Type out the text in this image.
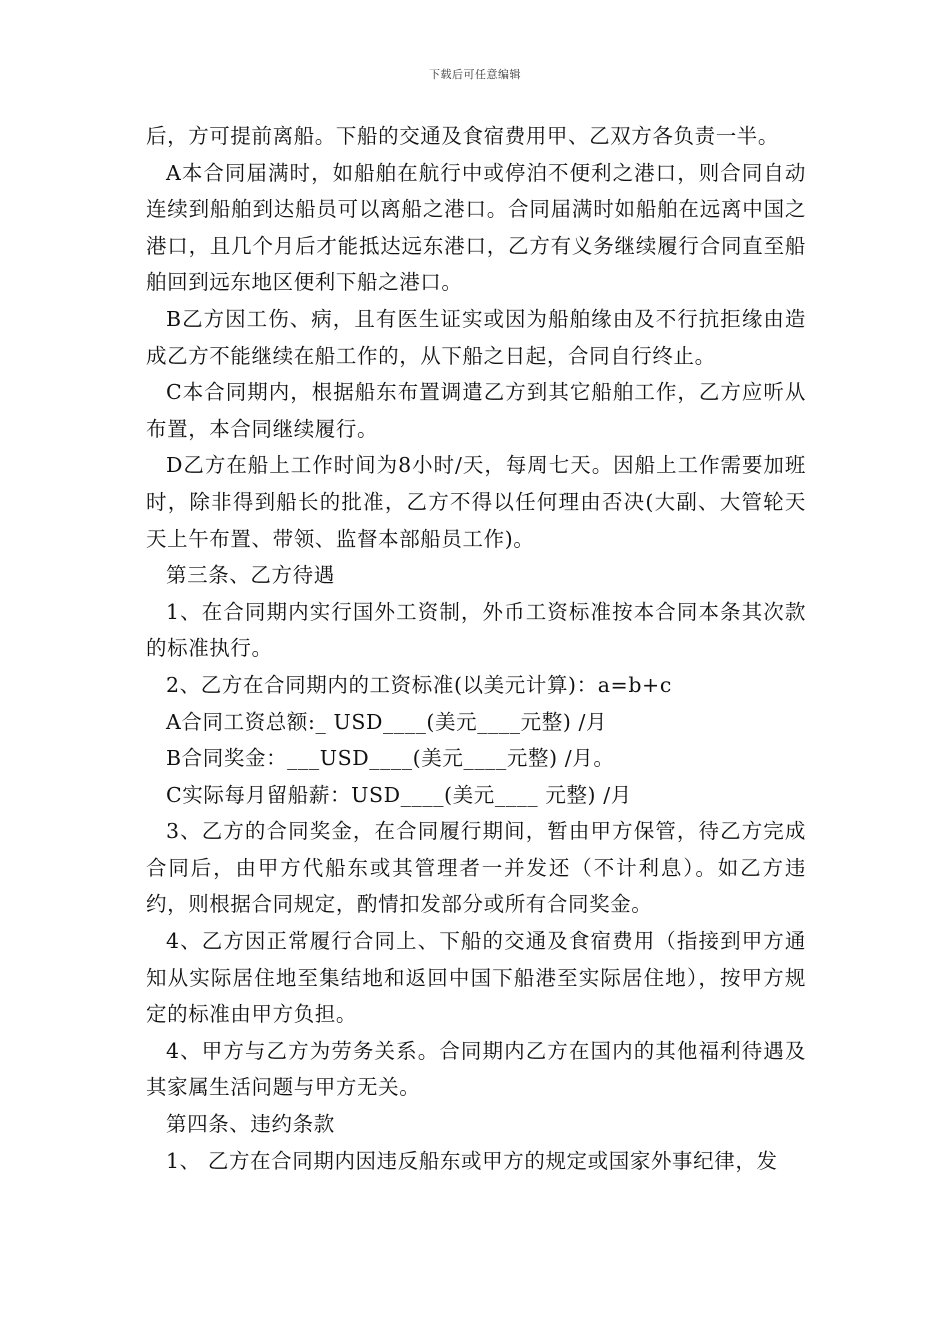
下载后可任意编辑

后，方可提前离船。下船的交通及食宿费用甲、乙双方各负责一半。

A本合同届满时，如船舶在航行中或停泊不便利之港口，则合同自动连续到船舶到达船员可以离船之港口。合同届满时如船舶在远离中国之港口，且几个月后才能抵达远东港口，乙方有义务继续履行合同直至船舶回到远东地区便利下船之港口。

B乙方因工伤、病，且有医生证实或因为船舶缘由及不行抗拒缘由造成乙方不能继续在船工作的，从下船之日起，合同自行终止。

C本合同期内，根据船东布置调遣乙方到其它船舶工作，乙方应听从布置，本合同继续履行。

D乙方在船上工作时间为8小时/天，每周七天。因船上工作需要加班时，除非得到船长的批准，乙方不得以任何理由否决(大副、大管轮天天上午布置、带领、监督本部船员工作)。

第三条、乙方待遇

1、在合同期内实行国外工资制，外币工资标准按本合同本条其次款的标准执行。

2、乙方在合同期内的工资标准(以美元计算)：a=b+c

A合同工资总额:_ USD____(美元____元整) /月

B合同奖金：___USD____(美元____元整) /月。

C实际每月留船薪：USD____(美元____ 元整) /月

3、乙方的合同奖金，在合同履行期间，暂由甲方保管，待乙方完成合同后，由甲方代船东或其管理者一并发还（不计利息）。如乙方违约，则根据合同规定，酌情扣发部分或所有合同奖金。

4、乙方因正常履行合同上、下船的交通及食宿费用（指接到甲方通知从实际居住地至集结地和返回中国下船港至实际居住地），按甲方规定的标准由甲方负担。

4、甲方与乙方为劳务关系。合同期内乙方在国内的其他福利待遇及其家属生活问题与甲方无关。

第四条、违约条款

1、 乙方在合同期内因违反船东或甲方的规定或国家外事纪律，发
